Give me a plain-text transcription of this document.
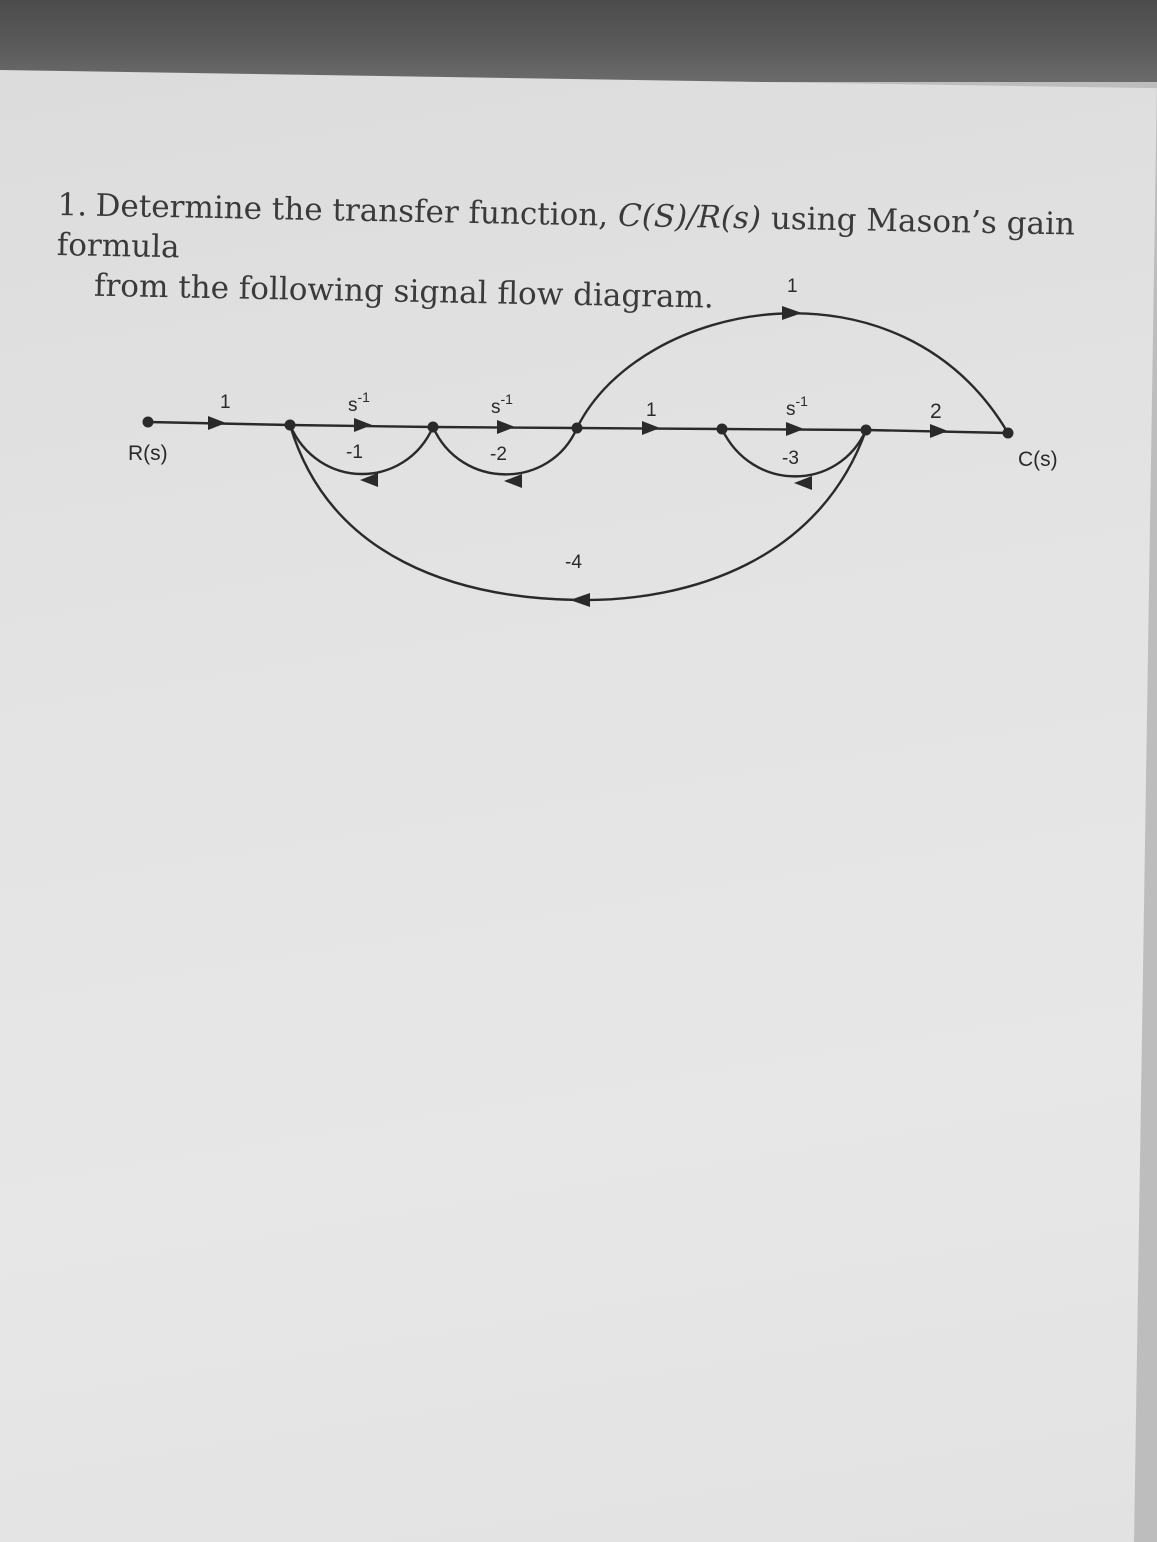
1. Determine the transfer function, C(S)/R(s) using Mason’s gain formula
from the following signal flow diagram.
R(s)	C(s)
1	$s^{-1}$	$s^{-1}$
1	$s^{-1}$	2
1
-1	-2	-3
-4
